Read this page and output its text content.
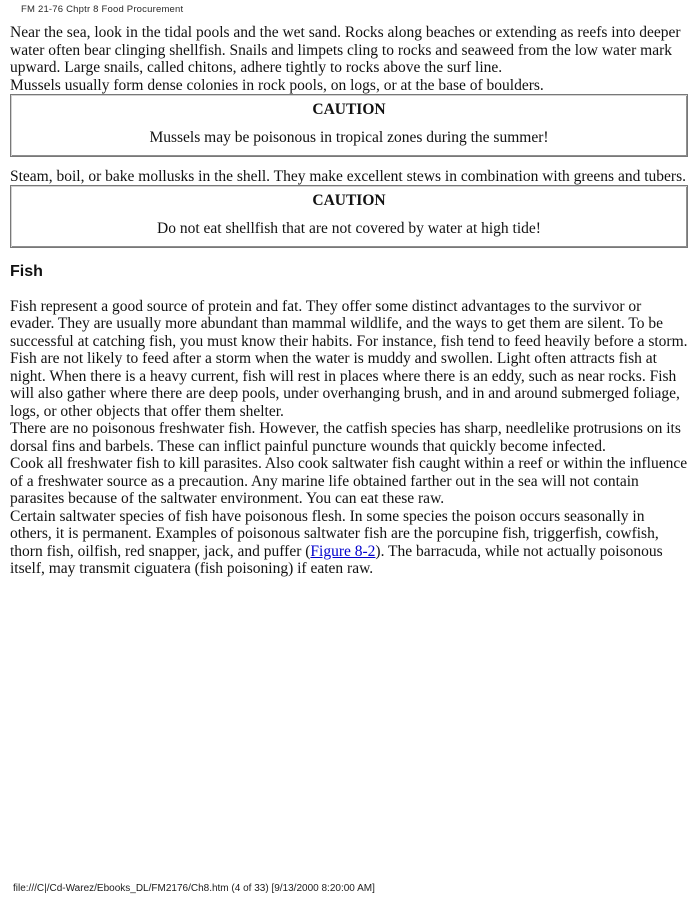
FM 21-76 Chptr 8 Food Procurement

Near the sea, look in the tidal pools and the wet sand. Rocks along beaches or extending as reefs into deeper water often bear clinging shellfish. Snails and limpets cling to rocks and seaweed from the low water mark upward. Large snails, called chitons, adhere tightly to rocks above the surf line.

Mussels usually form dense colonies in rock pools, on logs, or at the base of boulders.

CAUTION
Mussels may be poisonous in tropical zones during the summer!

Steam, boil, or bake mollusks in the shell. They make excellent stews in combination with greens and tubers.

CAUTION
Do not eat shellfish that are not covered by water at high tide!
Fish

Fish represent a good source of protein and fat. They offer some distinct advantages to the survivor or evader. They are usually more abundant than mammal wildlife, and the ways to get them are silent. To be successful at catching fish, you must know their habits. For instance, fish tend to feed heavily before a storm. Fish are not likely to feed after a storm when the water is muddy and swollen. Light often attracts fish at night. When there is a heavy current, fish will rest in places where there is an eddy, such as near rocks. Fish will also gather where there are deep pools, under overhanging brush, and in and around submerged foliage, logs, or other objects that offer them shelter.

There are no poisonous freshwater fish. However, the catfish species has sharp, needlelike protrusions on its dorsal fins and barbels. These can inflict painful puncture wounds that quickly become infected.

Cook all freshwater fish to kill parasites. Also cook saltwater fish caught within a reef or within the influence of a freshwater source as a precaution. Any marine life obtained farther out in the sea will not contain parasites because of the saltwater environment. You can eat these raw.

Certain saltwater species of fish have poisonous flesh. In some species the poison occurs seasonally in others, it is permanent. Examples of poisonous saltwater fish are the porcupine fish, triggerfish, cowfish, thorn fish, oilfish, red snapper, jack, and puffer (Figure 8-2). The barracuda, while not actually poisonous itself, may transmit ciguatera (fish poisoning) if eaten raw.

file:///C|/Cd-Warez/Ebooks_DL/FM2176/Ch8.htm (4 of 33) [9/13/2000 8:20:00 AM]
